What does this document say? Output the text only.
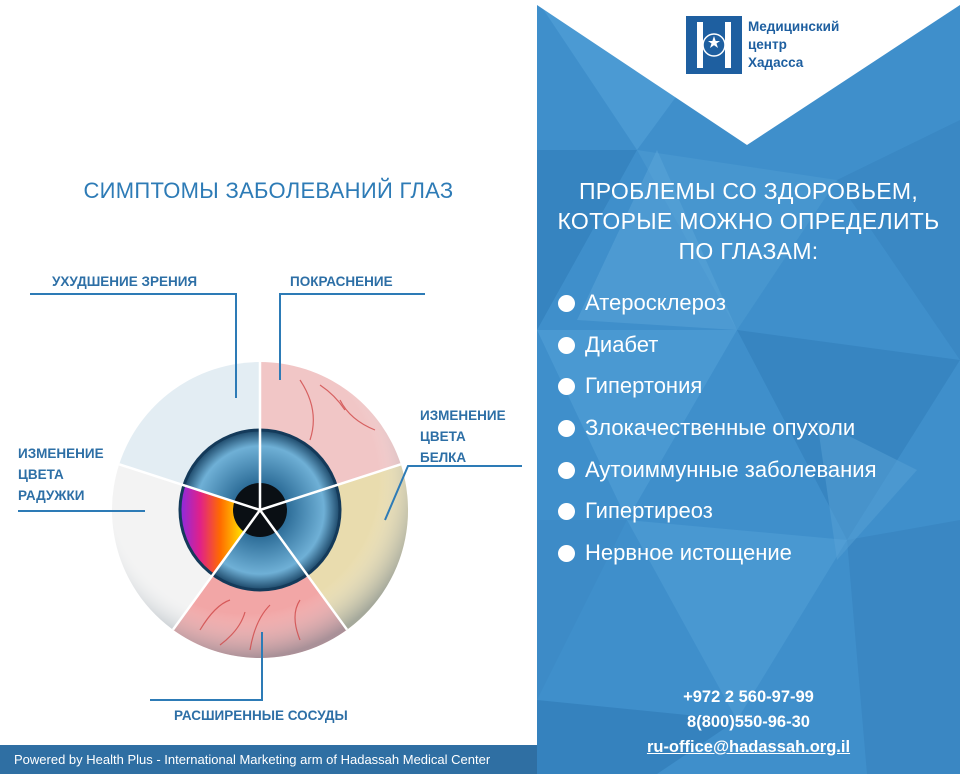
СИМПТОМЫ ЗАБОЛЕВАНИЙ ГЛАЗ
УХУДШЕНИЕ ЗРЕНИЯ	ПОКРАСНЕНИЕ
ИЗМЕНЕНИЕ
ЦВЕТА
БЕЛКА
ИЗМЕНЕНИЕ
ЦВЕТА
РАДУЖКИ
РАСШИРЕННЫЕ СОСУДЫ
Powered by Health Plus - International Marketing arm of Hadassah Medical Center
Медицинский
центр
Хадасса
ПРОБЛЕМЫ СО ЗДОРОВЬЕМ,
КОТОРЫЕ МОЖНО ОПРЕДЕЛИТЬ
ПО ГЛАЗАМ:
Атеросклероз
Диабет
Гипертония
Злокачественные опухоли
Аутоиммунные заболевания
Гипертиреоз
Нервное истощение
+972 2 560-97-99
8(800)550-96-30
ru-office@hadassah.org.il
